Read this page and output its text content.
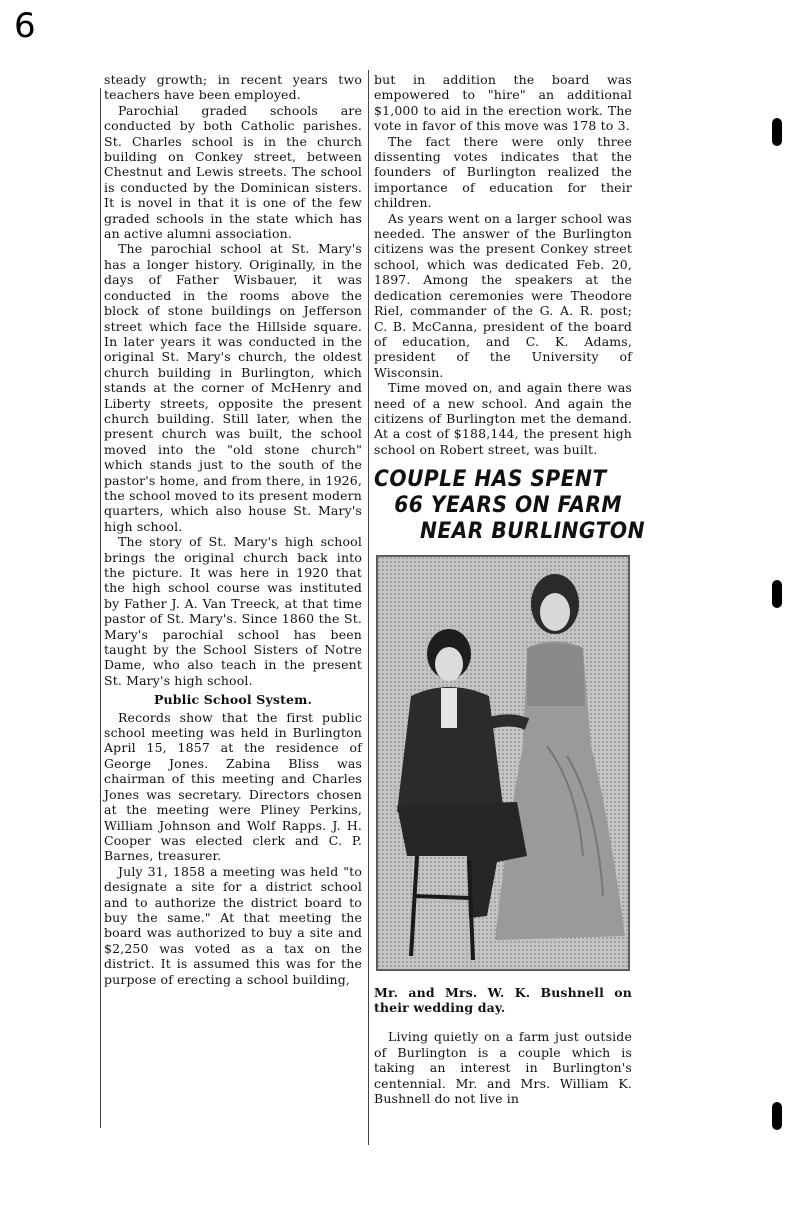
6

steady growth; in recent years two teachers have been employed.

Parochial graded schools are conducted by both Catholic parishes. St. Charles school is in the church building on Conkey street, between Chestnut and Lewis streets. The school is conducted by the Dominican sisters. It is novel in that it is one of the few graded schools in the state which has an active alumni association.

The parochial school at St. Mary's has a longer history. Originally, in the days of Father Wisbauer, it was conducted in the rooms above the block of stone buildings on Jefferson street which face the Hillside square. In later years it was conducted in the original St. Mary's church, the oldest church building in Burlington, which stands at the corner of McHenry and Liberty streets, opposite the present church building. Still later, when the present church was built, the school moved into the "old stone church" which stands just to the south of the pastor's home, and from there, in 1926, the school moved to its present modern quarters, which also house St. Mary's high school.

The story of St. Mary's high school brings the original church back into the picture. It was here in 1920 that the high school course was instituted by Father J. A. Van Treeck, at that time pastor of St. Mary's. Since 1860 the St. Mary's parochial school has been taught by the School Sisters of Notre Dame, who also teach in the present St. Mary's high school.

Public School System.

Records show that the first public school meeting was held in Burlington April 15, 1857 at the residence of George Jones. Zabina Bliss was chairman of this meeting and Charles Jones was secretary. Directors chosen at the meeting were Pliney Perkins, William Johnson and Wolf Rapps. J. H. Cooper was elected clerk and C. P. Barnes, treasurer.

July 31, 1858 a meeting was held "to designate a site for a district school and to authorize the district board to buy the same." At that meeting the board was authorized to buy a site and $2,250 was voted as a tax on the district. It is assumed this was for the purpose of erecting a school building,

but in addition the board was empowered to "hire" an additional $1,000 to aid in the erection work. The vote in favor of this move was 178 to 3.

The fact there were only three dissenting votes indicates that the founders of Burlington realized the importance of education for their children.

As years went on a larger school was needed. The answer of the Burlington citizens was the present Conkey street school, which was dedicated Feb. 20, 1897. Among the speakers at the dedication ceremonies were Theodore Riel, commander of the G. A. R. post; C. B. McCanna, president of the board of education, and C. K. Adams, president of the University of Wisconsin.

Time moved on, and again there was need of a new school. And again the citizens of Burlington met the demand. At a cost of $188,144, the present high school on Robert street, was built.

COUPLE HAS SPENT
66 YEARS ON FARM
NEAR BURLINGTON
Mr. and Mrs. W. K. Bushnell on their wedding day.

Living quietly on a farm just outside of Burlington is a couple which is taking an interest in Burlington's centennial. Mr. and Mrs. William K. Bushnell do not live in
